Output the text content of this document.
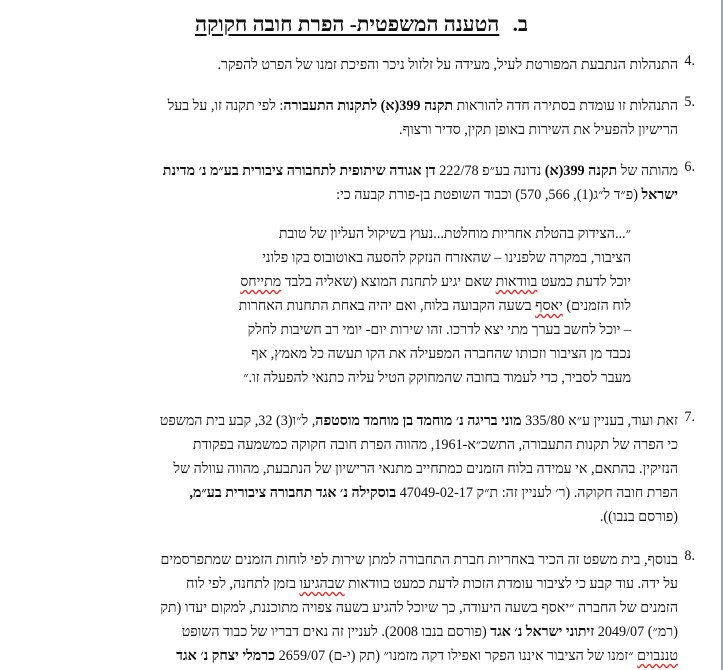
ב. הטענה המשפטית- הפרת חובה חקוקה
4.
התנהלות הנתבעת המפורטת לעיל, מעידה על זלזול ניכר והפיכת זמנו של הפרט להפקר.
5.
התנהלות זו עומדת בסתירה חדה להוראות תקנה 399(א) לתקנות התעבורה: לפי תקנה זו, על בעל
הרישיון להפעיל את השירות באופן תקין, סדיר ורצוף.
6.
מהותה של תקנה 399(א) נדונה בע״פ 222/78 דן אגודה שיתופית לתחבורה ציבורית בע״מ נ׳ מדינת
ישראל (פ״ד ל״ג(1), 566, 570) וכבוד השופטת בן-פורת קבעה כי:
״...הצידוק בהטלת אחריות מוחלטת...נעוץ בשיקול העליון של טובת
הציבור, במקרה שלפנינו – שהאזרח הנזקק להסעה באוטובוס בקו פלוני
יוכל לדעת כמעט בוודאות שאם יגיע לתחנת המוצא (שאליה בלבד מתייחס
לוח הזמנים) יאסף בשעה הקבועה בלוח, ואם יהיה באחת התחנות האחרות
– יוכל לחשב בערך מתי יצא לדרכו. זהו שירות יום- יומי רב חשיבות לחלק
נכבד מן הציבור וזכותו שהחברה המפעילה את הקו תעשה כל מאמץ, אף
מעבר לסביר, כדי לעמוד בחובה שהמחוקק הטיל עליה כתנאי להפעלה זו.״
7.
זאת ועוד, בעניין ע״א 335/80 מוני בריגה נ׳ מוחמד בן מוחמד מוסטפה, ל״ו(3) 32, קבע בית המשפט
כי הפרה של תקנות התעבורה, התשכ״א-1961, מהווה הפרת חובה חקוקה כמשמעה בפקודת
הנזיקין. בהתאם, אי עמידה בלוח הזמנים כמתחייב מתנאי הרישיון של הנתבעת, מהווה עוולה של
הפרת חובה חקוקה. (ר׳ לעניין זה: ת״ק 47049-02-17 בוסקילה נ׳ אגד תחבורה ציבורית בע״מ,
(פורסם בנבו)).
8.
בנוסף, בית משפט זה הכיר באחריות חברת התחבורה למתן שירות לפי לוחות הזמנים שמתפרסמים
על ידה. עוד קבע כי לציבור עומדת הזכות לדעת כמעט בוודאות שבהגיעו בזמן לתחנה, לפי לוח
הזמנים של החברה ״יאסף בשעה היעודה, כך שיוכל להגיע בשעה צפויה מתוכננת, למקום יעדו (תק
(רמ״) 2049/07 זיתוני ישראל נ׳ אגד (פורסם בנבו 2008). לעניין זה נאים דבריו של כבוד השופט
טננבוים ״זמנו של הציבור איננו הפקר ואפילו דקה מזמנו״ (תק (י-ם) 2659/07 כרמלי יצחק נ׳ אגד
